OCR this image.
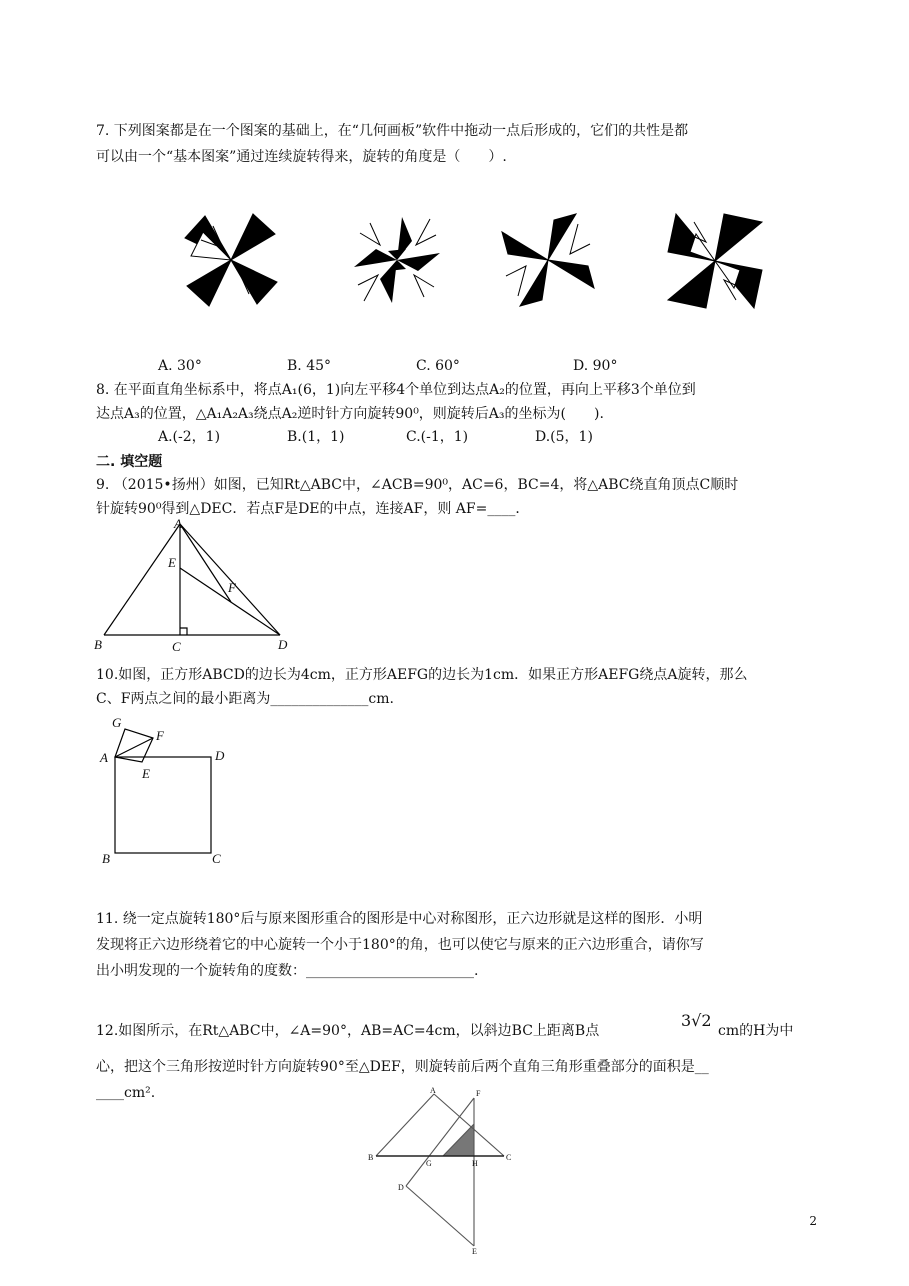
7. 下列图案都是在一个图案的基础上，在“几何画板”软件中拖动一点后形成的，它们的共性是都
可以由一个“基本图案”通过连续旋转得来，旋转的角度是（　　）.
A. 30°	B. 45°	C. 60°	D. 90°
8. 在平面直角坐标系中，将点A₁(6，1)向左平移4个单位到达点A₂的位置，再向上平移3个单位到
达点A₃的位置，△A₁A₂A₃绕点A₂逆时针方向旋转90⁰，则旋转后A₃的坐标为(　　).
A.(-2，1)	B.(1，1)	C.(-1，1)	D.(5，1)
二. 填空题
9. （2015•扬州）如图，已知Rt△ABC中，∠ACB=90⁰，AC=6，BC=4，将△ABC绕直角顶点C顺时
针旋转90⁰得到△DEC．若点F是DE的中点，连接AF，则 AF=____．
A
E
F
B	C	D
10.如图，正方形ABCD的边长为4cm，正方形AEFG的边长为1cm．如果正方形AEFG绕点A旋转，那么
C、F两点之间的最小距离为______________cm.
G
F
A
E
D
B	C
11. 绕一定点旋转180°后与原来图形重合的图形是中心对称图形，正六边形就是这样的图形．小明
发现将正六边形绕着它的中心旋转一个小于180°的角，也可以使它与原来的正六边形重合，请你写
出小明发现的一个旋转角的度数：________________________.
12.如图所示，在Rt△ABC中，∠A=90°，AB=AC=4cm，以斜边BC上距离B点
3√2
cm的H为中
心，把这个三角形按逆时针方向旋转90°至△DEF，则旋转前后两个直角三角形重叠部分的面积是__
____cm².	A	F
B
G	H
C
D
E
2
